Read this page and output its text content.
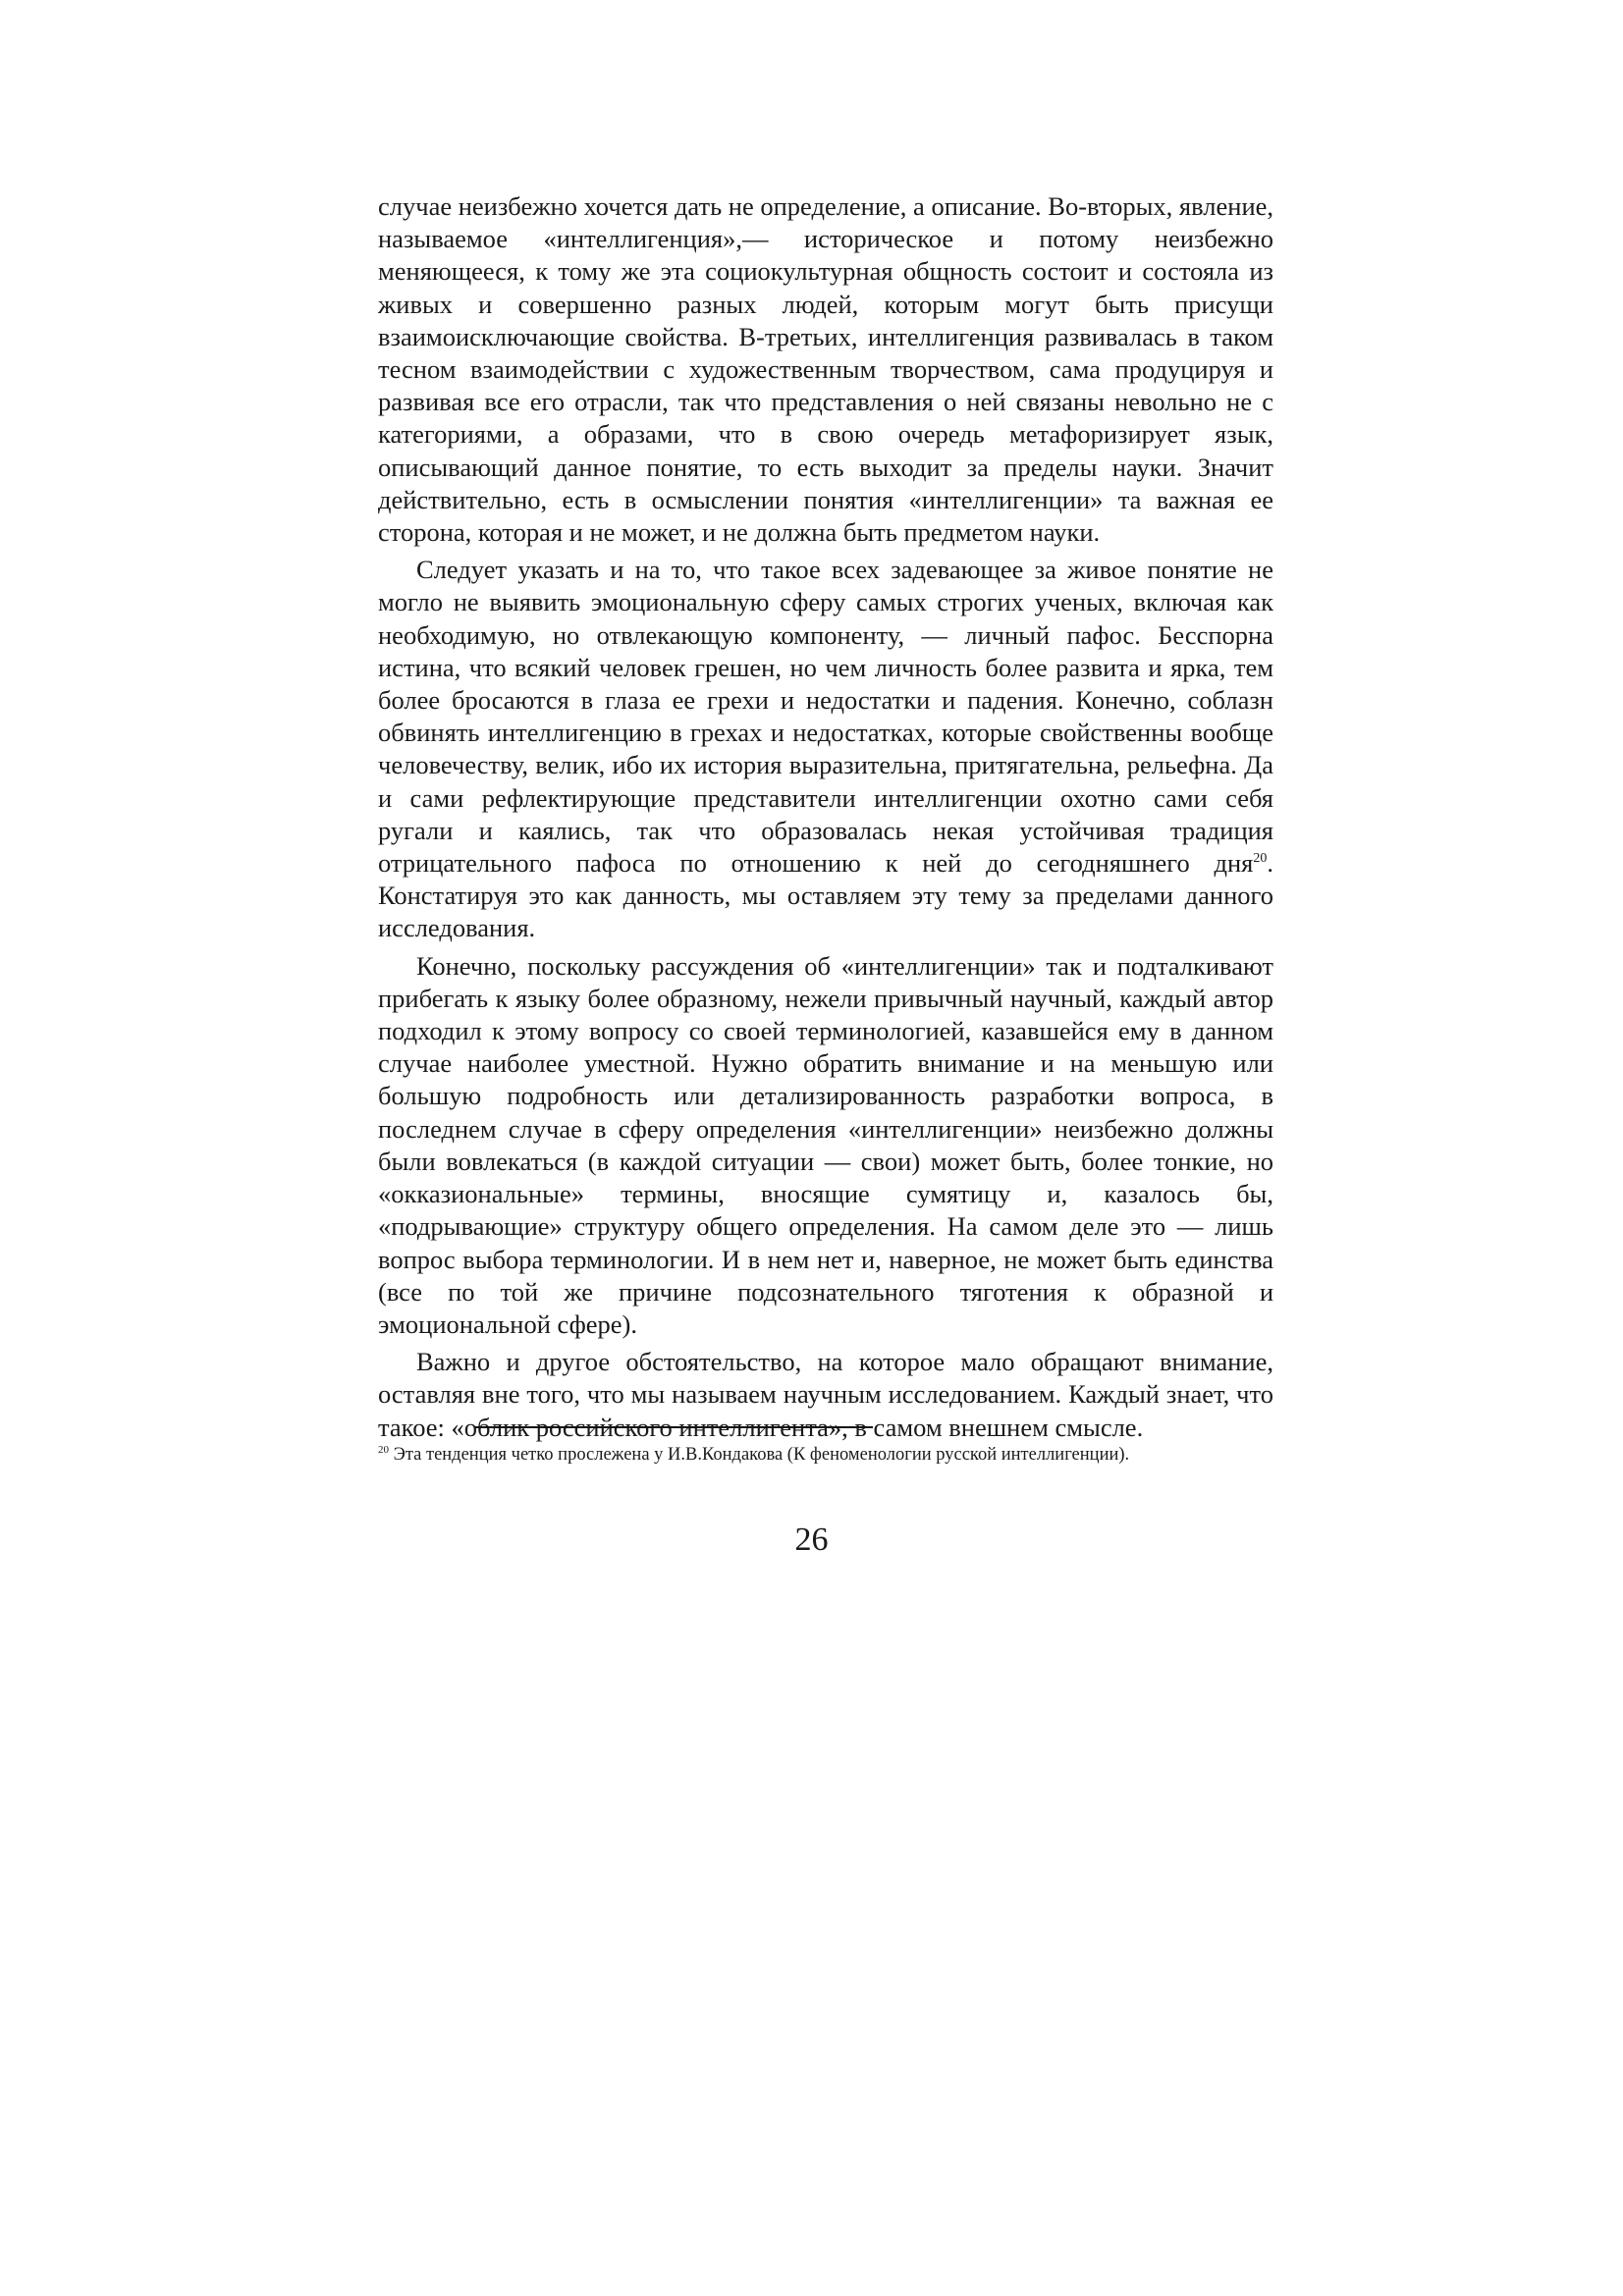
случае неизбежно хочется дать не определение, а описание. Во-вторых, явление, называемое «интеллигенция»,— историческое и потому неизбежно меняющееся, к тому же эта социокультурная общность состоит и состояла из живых и совершенно разных людей, которым могут быть присущи взаимоисключающие свойства. В-третьих, интеллигенция развивалась в таком тесном взаимодействии с художественным творчеством, сама продуцируя и развивая все его отрасли, так что представления о ней связаны невольно не с категориями, а образами, что в свою очередь метафоризирует язык, описывающий данное понятие, то есть выходит за пределы науки. Значит действительно, есть в осмыслении понятия «интеллигенции» та важная ее сторона, которая и не может, и не должна быть предметом науки.

Следует указать и на то, что такое всех задевающее за живое понятие не могло не выявить эмоциональную сферу самых строгих ученых, включая как необходимую, но отвлекающую компоненту, — личный пафос. Бесспорна истина, что всякий человек грешен, но чем личность более развита и ярка, тем более бросаются в глаза ее грехи и недостатки и падения. Конечно, соблазн обвинять интеллигенцию в грехах и недостатках, которые свойственны вообще человечеству, велик, ибо их история выразительна, притягательна, рельефна. Да и сами рефлектирующие представители интеллигенции охотно сами себя ругали и каялись, так что образовалась некая устойчивая традиция отрицательного пафоса по отношению к ней до сегодняшнего дня$^{20}$. Констатируя это как данность, мы оставляем эту тему за пределами данного исследования.

Конечно, поскольку рассуждения об «интеллигенции» так и подталкивают прибегать к языку более образному, нежели привычный научный, каждый автор подходил к этому вопросу со своей терминологией, казавшейся ему в данном случае наиболее уместной. Нужно обратить внимание и на меньшую или большую подробность или детализированность разработки вопроса, в последнем случае в сферу определения «интеллигенции» неизбежно должны были вовлекаться (в каждой ситуации — свои) может быть, более тонкие, но «окказиональные» термины, вносящие сумятицу и, казалось бы, «подрывающие» структуру общего определения. На самом деле это — лишь вопрос выбора терминологии. И в нем нет и, наверное, не может быть единства (все по той же причине подсознательного тяготения к образной и эмоциональной сфере).

Важно и другое обстоятельство, на которое мало обращают внимание, оставляя вне того, что мы называем научным исследованием. Каждый знает, что такое: «облик российского интеллигента», в самом внешнем смысле.

$^{20}$ Эта тенденция четко прослежена у И.В.Кондакова (К феноменологии русской интеллигенции).
26
